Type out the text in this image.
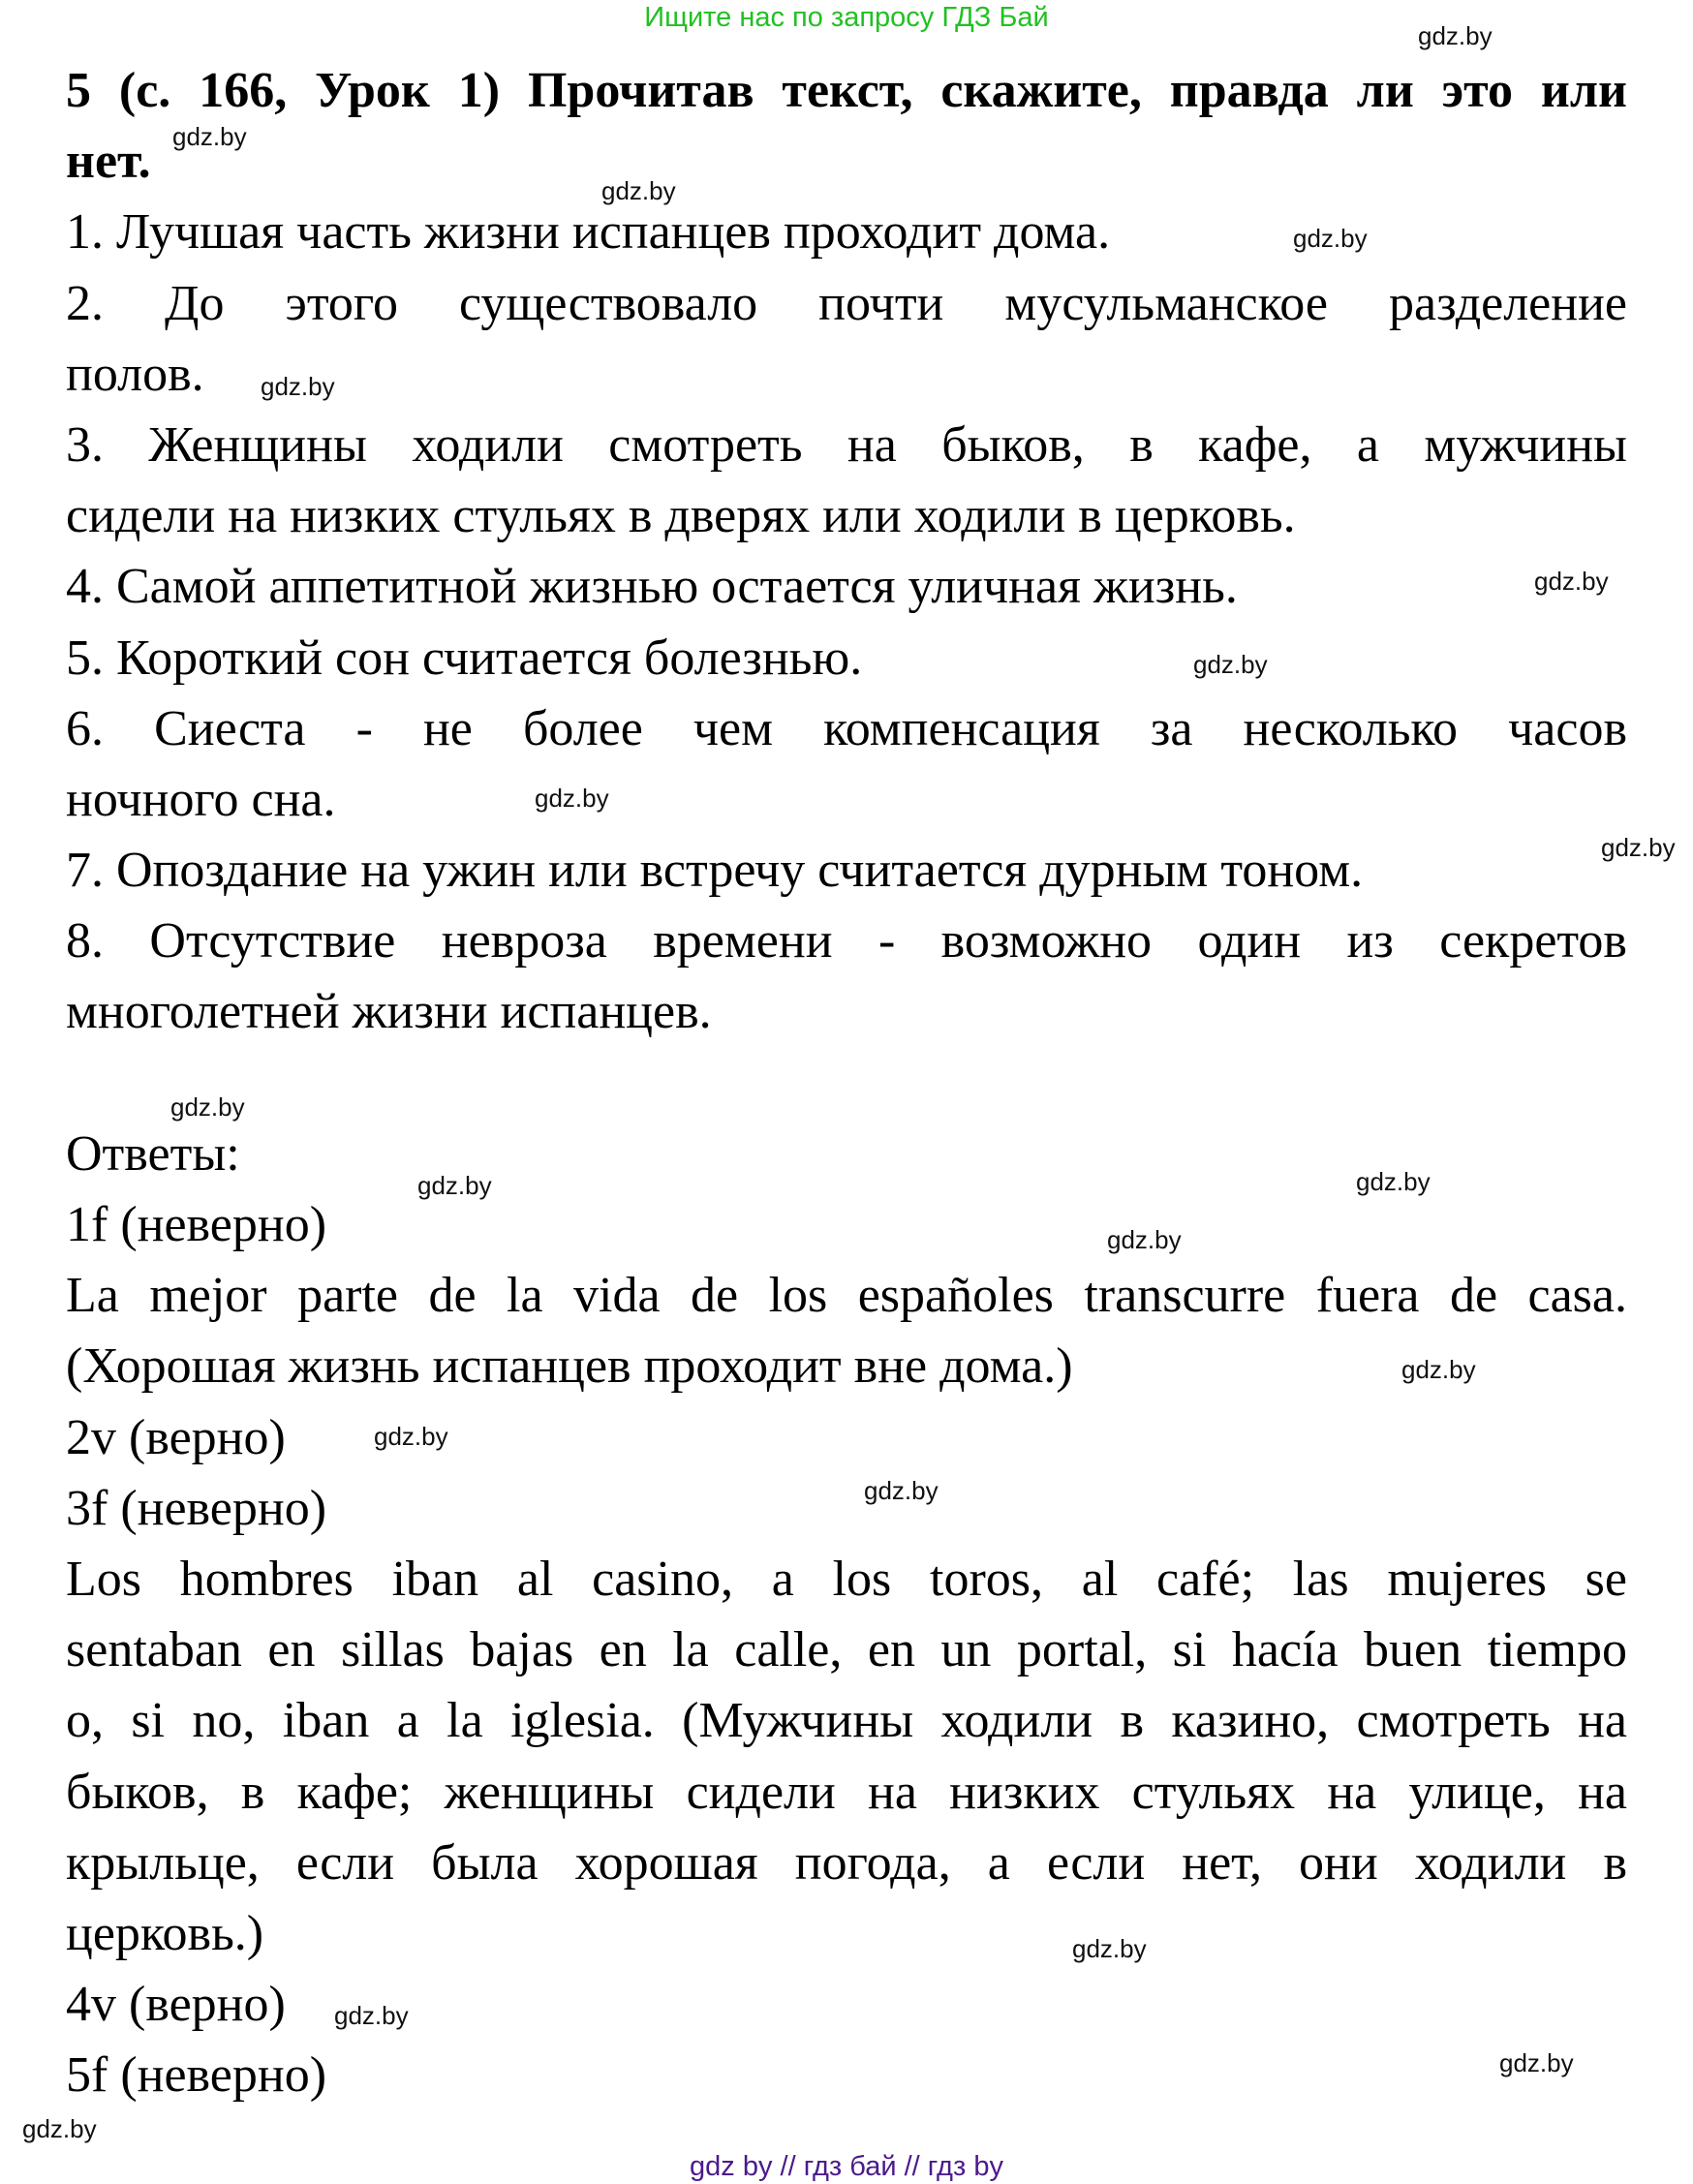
Ищите нас по запросу ГДЗ Бай
5 (с. 166, Урок 1) Прочитав текст, скажите, правда ли это или
нет.
1. Лучшая часть жизни испанцев проходит дома.
2. До этого существовало почти мусульманское разделение
полов.
3. Женщины ходили смотреть на быков, в кафе, а мужчины
сидели на низких стульях в дверях или ходили в церковь.
4. Самой аппетитной жизнью остается уличная жизнь.
5. Короткий сон считается болезнью.
6. Сиеста - не более чем компенсация за несколько часов
ночного сна.
7. Опоздание на ужин или встречу считается дурным тоном.
8. Отсутствие невроза времени - возможно один из секретов
многолетней жизни испанцев.
Ответы:
1f (неверно)
La mejor parte de la vida de los españoles transcurre fuera de casa.
(Хорошая жизнь испанцев проходит вне дома.)
2v (верно)
3f (неверно)
Los hombres iban al casino, a los toros, al café; las mujeres se
sentaban en sillas bajas en la calle, en un portal, si hacía buen tiempo
o, si no, iban a la iglesia. (Мужчины ходили в казино, смотреть на
быков, в кафе; женщины сидели на низких стульях на улице, на
крыльце, если была хорошая погода, а если нет, они ходили в
церковь.)
4v (верно)
5f (неверно)
gdz.by
gdz.by
gdz.by
gdz.by
gdz.by
gdz.by
gdz.by
gdz.by
gdz.by
gdz.by
gdz.by
gdz.by
gdz.by
gdz.by
gdz.by
gdz.by
gdz.by
gdz.by
gdz.by
gdz.by
gdz by // гдз бай // гдз by
